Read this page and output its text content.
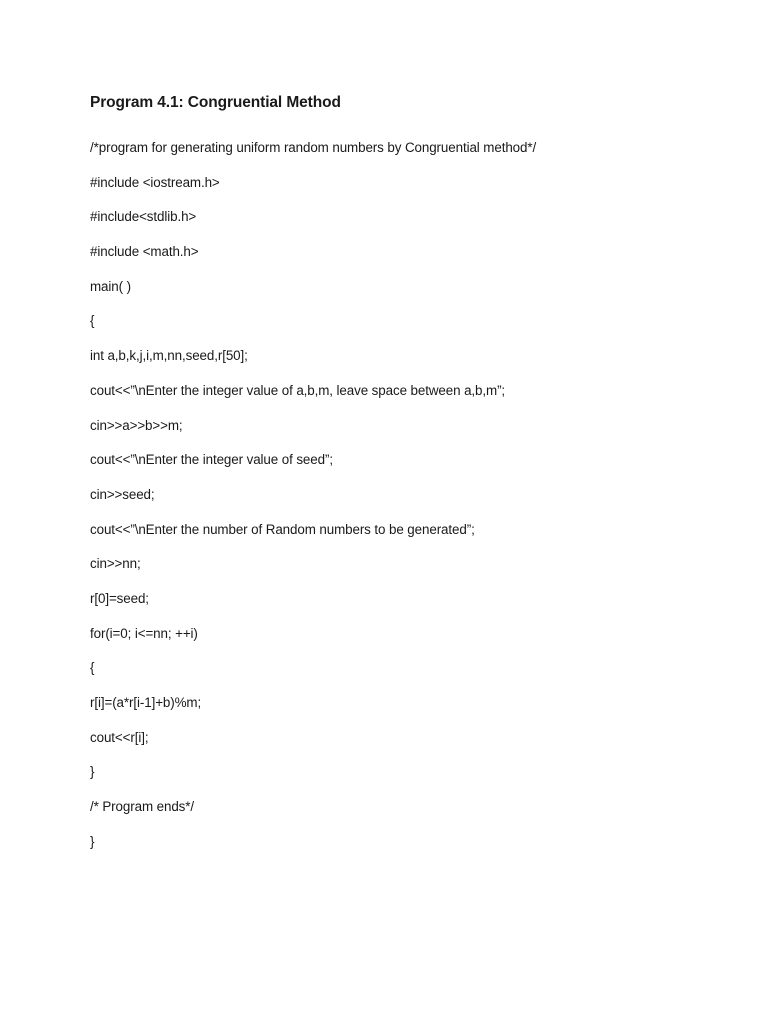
Program 4.1: Congruential Method
/*program for generating uniform random numbers by Congruential method*/
#include <iostream.h>
#include<stdlib.h>
#include <math.h>
main( )
{
int a,b,k,j,i,m,nn,seed,r[50];
cout<<”\nEnter the integer value of a,b,m, leave space between a,b,m”;
cin>>a>>b>>m;
cout<<”\nEnter the integer value of seed”;
cin>>seed;
cout<<”\nEnter the number of Random numbers to be generated”;
cin>>nn;
r[0]=seed;
for(i=0; i<=nn; ++i)
{
r[i]=(a*r[i-1]+b)%m;
cout<<r[i];
}
/* Program ends*/
}
